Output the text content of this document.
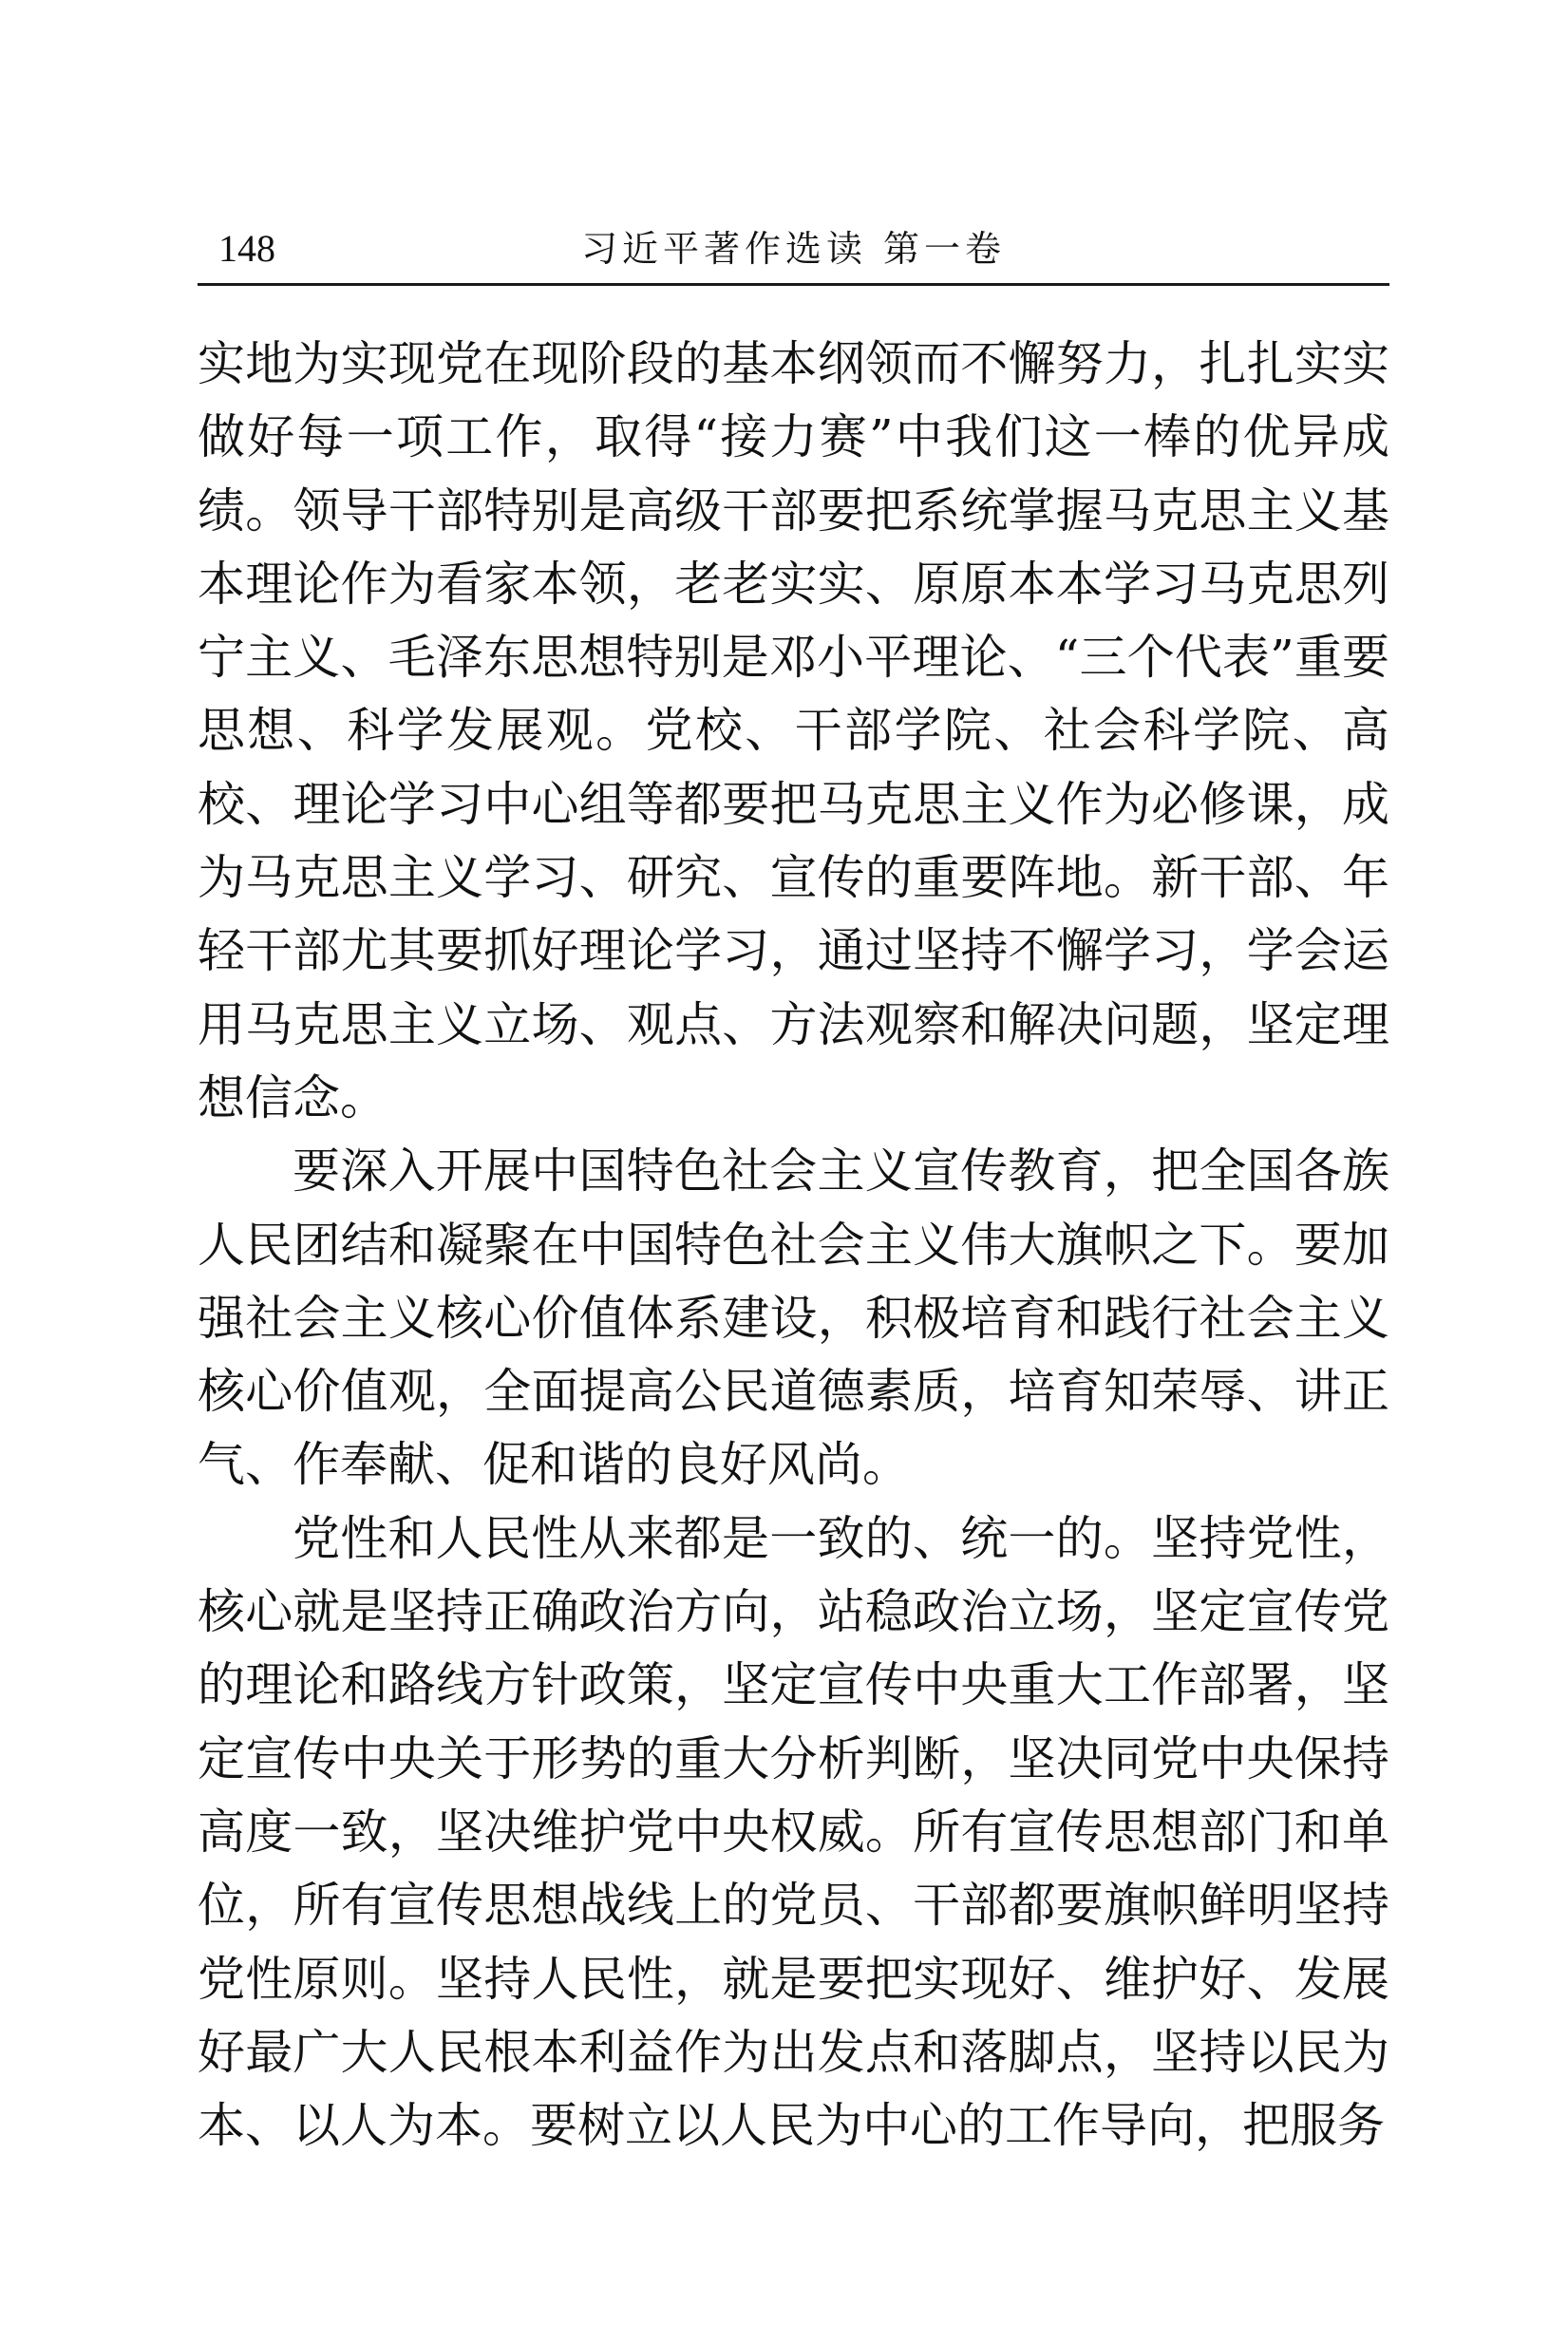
148	习近平著作选读 第一卷

实地为实现党在现阶段的基本纲领而不懈努力，扎扎实实做好每一项工作，取得“接力赛”中我们这一棒的优异成绩。领导干部特别是高级干部要把系统掌握马克思主义基本理论作为看家本领，老老实实、原原本本学习马克思列宁主义、毛泽东思想特别是邓小平理论、“三个代表”重要思想、科学发展观。党校、干部学院、社会科学院、高校、理论学习中心组等都要把马克思主义作为必修课，成为马克思主义学习、研究、宣传的重要阵地。新干部、年轻干部尤其要抓好理论学习，通过坚持不懈学习，学会运用马克思主义立场、观点、方法观察和解决问题，坚定理想信念。

要深入开展中国特色社会主义宣传教育，把全国各族人民团结和凝聚在中国特色社会主义伟大旗帜之下。要加强社会主义核心价值体系建设，积极培育和践行社会主义核心价值观，全面提高公民道德素质，培育知荣辱、讲正气、作奉献、促和谐的良好风尚。

党性和人民性从来都是一致的、统一的。坚持党性，核心就是坚持正确政治方向，站稳政治立场，坚定宣传党的理论和路线方针政策，坚定宣传中央重大工作部署，坚定宣传中央关于形势的重大分析判断，坚决同党中央保持高度一致，坚决维护党中央权威。所有宣传思想部门和单位，所有宣传思想战线上的党员、干部都要旗帜鲜明坚持党性原则。坚持人民性，就是要把实现好、维护好、发展好最广大人民根本利益作为出发点和落脚点，坚持以民为本、以人为本。要树立以人民为中心的工作导向，把服务
